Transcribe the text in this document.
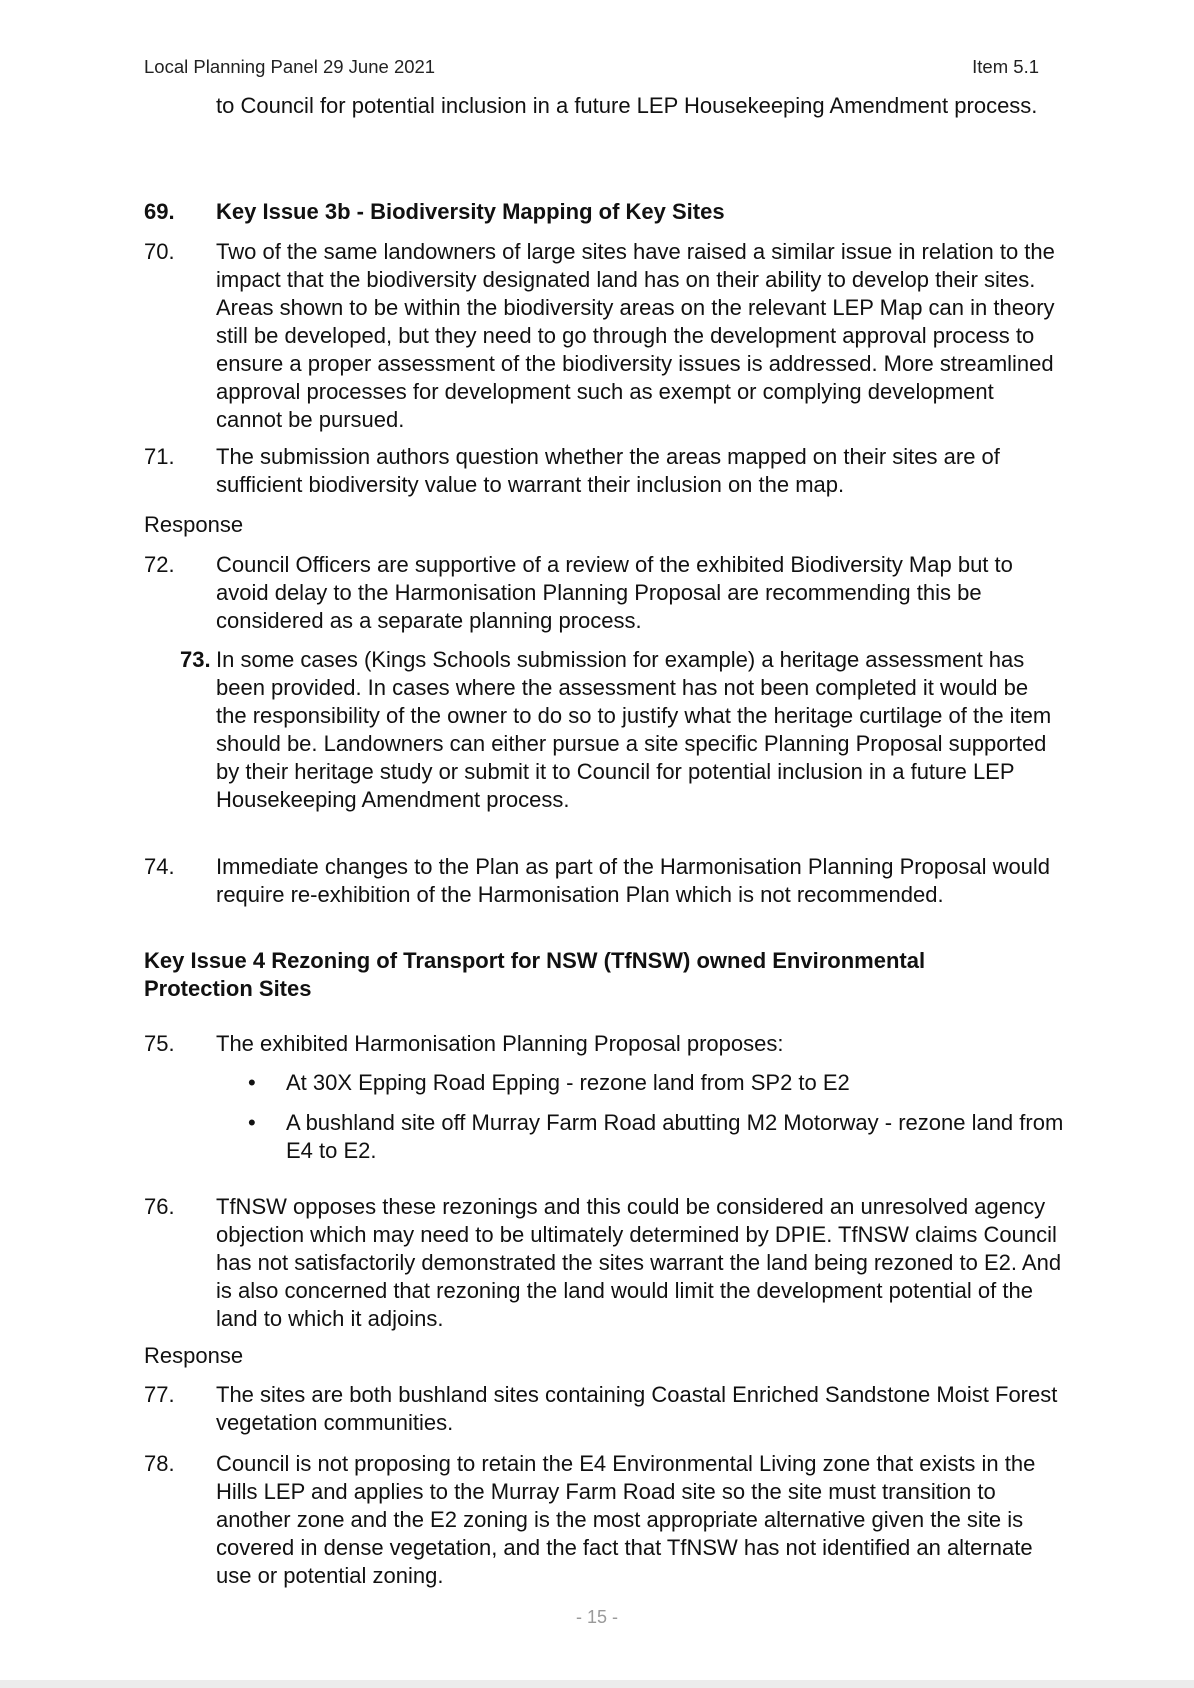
Local Planning Panel 29 June 2021	Item 5.1
to Council for potential inclusion in a future LEP Housekeeping Amendment process.
69. Key Issue 3b - Biodiversity Mapping of Key Sites
70. Two of the same landowners of large sites have raised a similar issue in relation to the impact that the biodiversity designated land has on their ability to develop their sites. Areas shown to be within the biodiversity areas on the relevant LEP Map can in theory still be developed, but they need to go through the development approval process to ensure a proper assessment of the biodiversity issues is addressed. More streamlined approval processes for development such as exempt or complying development cannot be pursued.
71. The submission authors question whether the areas mapped on their sites are of sufficient biodiversity value to warrant their inclusion on the map.
Response
72. Council Officers are supportive of a review of the exhibited Biodiversity Map but to avoid delay to the Harmonisation Planning Proposal are recommending this be considered as a separate planning process.
73. In some cases (Kings Schools submission for example) a heritage assessment has been provided. In cases where the assessment has not been completed it would be the responsibility of the owner to do so to justify what the heritage curtilage of the item should be. Landowners can either pursue a site specific Planning Proposal supported by their heritage study or submit it to Council for potential inclusion in a future LEP Housekeeping Amendment process.
74. Immediate changes to the Plan as part of the Harmonisation Planning Proposal would require re-exhibition of the Harmonisation Plan which is not recommended.
Key Issue 4 Rezoning of Transport for NSW (TfNSW) owned Environmental Protection Sites
75. The exhibited Harmonisation Planning Proposal proposes:
• At 30X Epping Road Epping - rezone land from SP2 to E2
• A bushland site off Murray Farm Road abutting M2 Motorway - rezone land from E4 to E2.
76. TfNSW opposes these rezonings and this could be considered an unresolved agency objection which may need to be ultimately determined by DPIE. TfNSW claims Council has not satisfactorily demonstrated the sites warrant the land being rezoned to E2. And is also concerned that rezoning the land would limit the development potential of the land to which it adjoins.
Response
77. The sites are both bushland sites containing Coastal Enriched Sandstone Moist Forest vegetation communities.
78. Council is not proposing to retain the E4 Environmental Living zone that exists in the Hills LEP and applies to the Murray Farm Road site so the site must transition to another zone and the E2 zoning is the most appropriate alternative given the site is covered in dense vegetation, and the fact that TfNSW has not identified an alternate use or potential zoning.
- 15 -
